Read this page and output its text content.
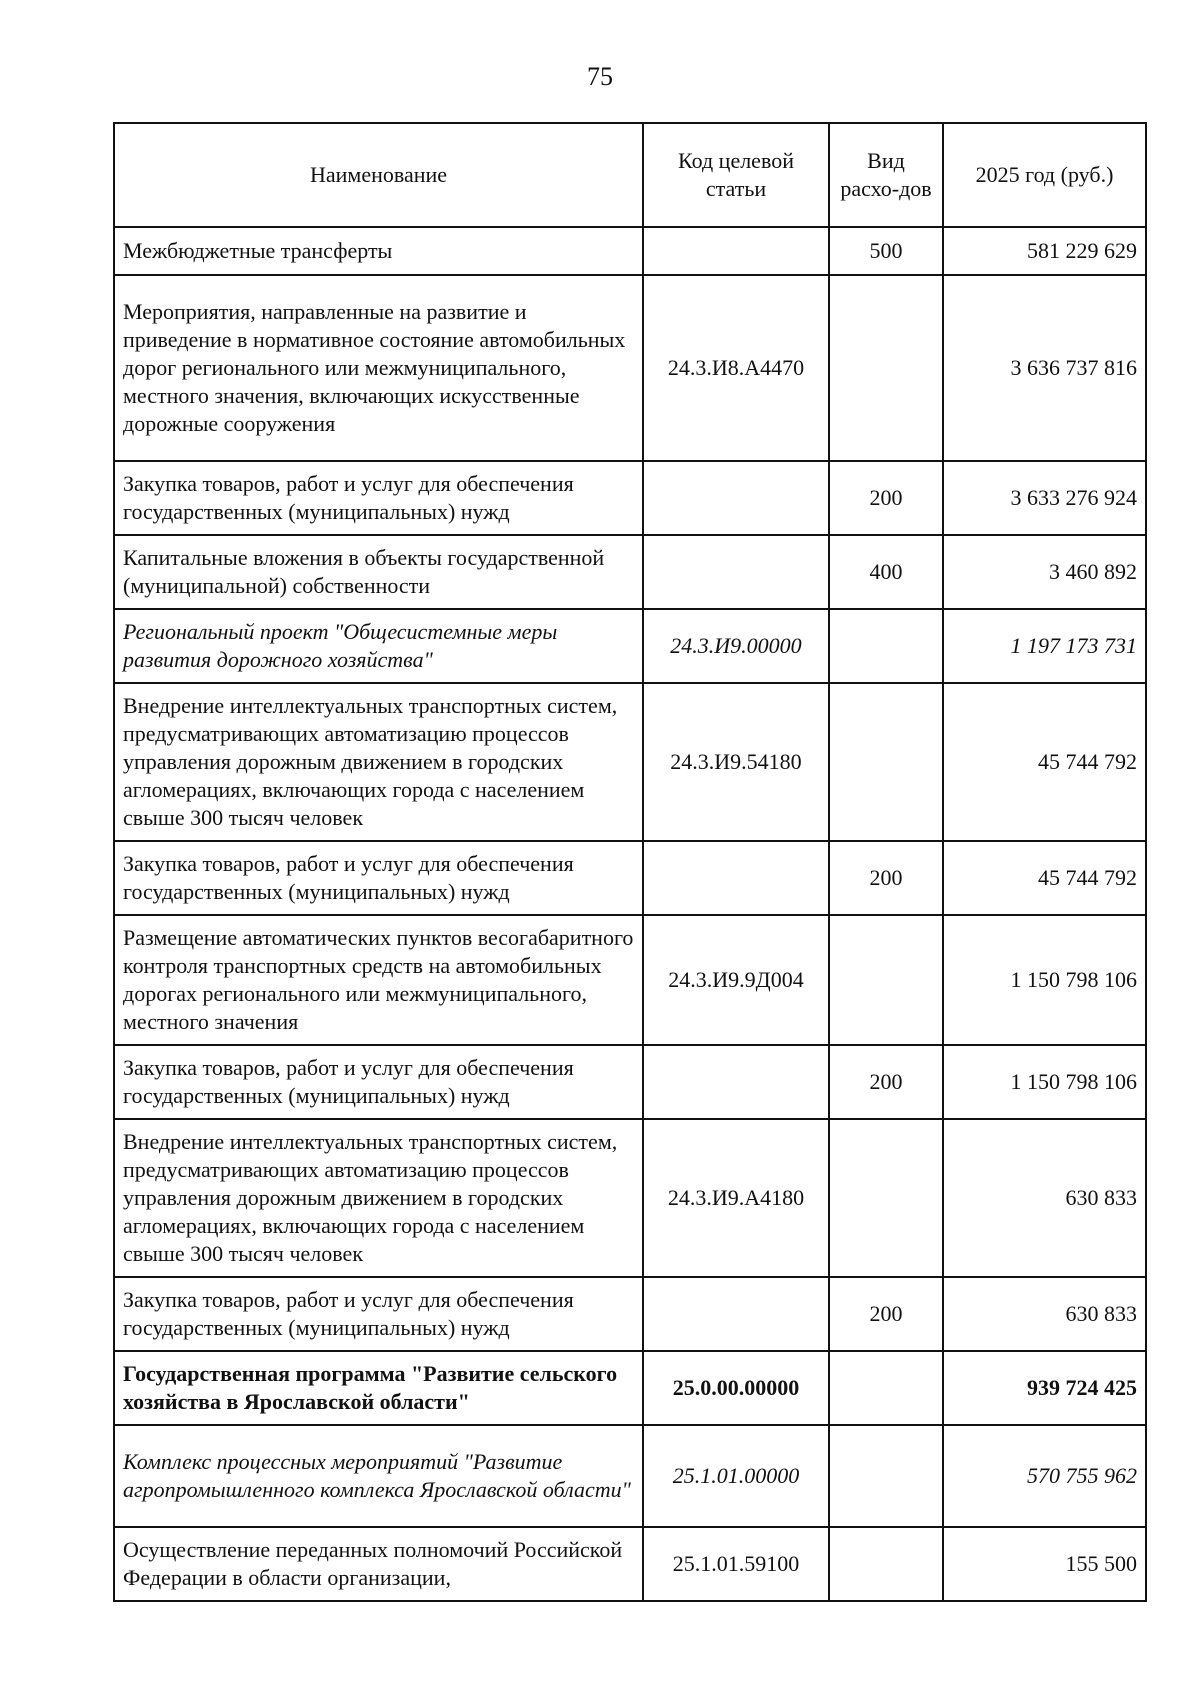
75
Наименование	Код целевой статьи	Вид расхо-дов	2025 год (руб.)
Межбюджетные трансферты		500	581 229 629
Мероприятия, направленные на развитие и приведение в нормативное состояние автомобильных дорог регионального или межмуниципального, местного значения, включающих искусственные дорожные сооружения	24.3.И8.А4470		3 636 737 816
Закупка товаров, работ и услуг для обеспечения государственных (муниципальных) нужд		200	3 633 276 924
Капитальные вложения в объекты государственной (муниципальной) собственности		400	3 460 892
Региональный проект "Общесистемные меры развития дорожного хозяйства"	24.3.И9.00000		1 197 173 731
Внедрение интеллектуальных транспортных систем, предусматривающих автоматизацию процессов управления дорожным движением в городских агломерациях, включающих города с населением свыше 300 тысяч человек	24.3.И9.54180		45 744 792
Закупка товаров, работ и услуг для обеспечения государственных (муниципальных) нужд		200	45 744 792
Размещение автоматических пунктов весогабаритного контроля транспортных средств на автомобильных дорогах регионального или межмуниципального, местного значения	24.3.И9.9Д004		1 150 798 106
Закупка товаров, работ и услуг для обеспечения государственных (муниципальных) нужд		200	1 150 798 106
Внедрение интеллектуальных транспортных систем, предусматривающих автоматизацию процессов управления дорожным движением в городских агломерациях, включающих города с населением свыше 300 тысяч человек	24.3.И9.А4180		630 833
Закупка товаров, работ и услуг для обеспечения государственных (муниципальных) нужд		200	630 833
Государственная программа "Развитие сельского хозяйства в Ярославской области"	25.0.00.00000		939 724 425
Комплекс процессных мероприятий "Развитие агропромышленного комплекса Ярославской области"	25.1.01.00000		570 755 962
Осуществление переданных полномочий Российской Федерации в области организации,	25.1.01.59100		155 500
